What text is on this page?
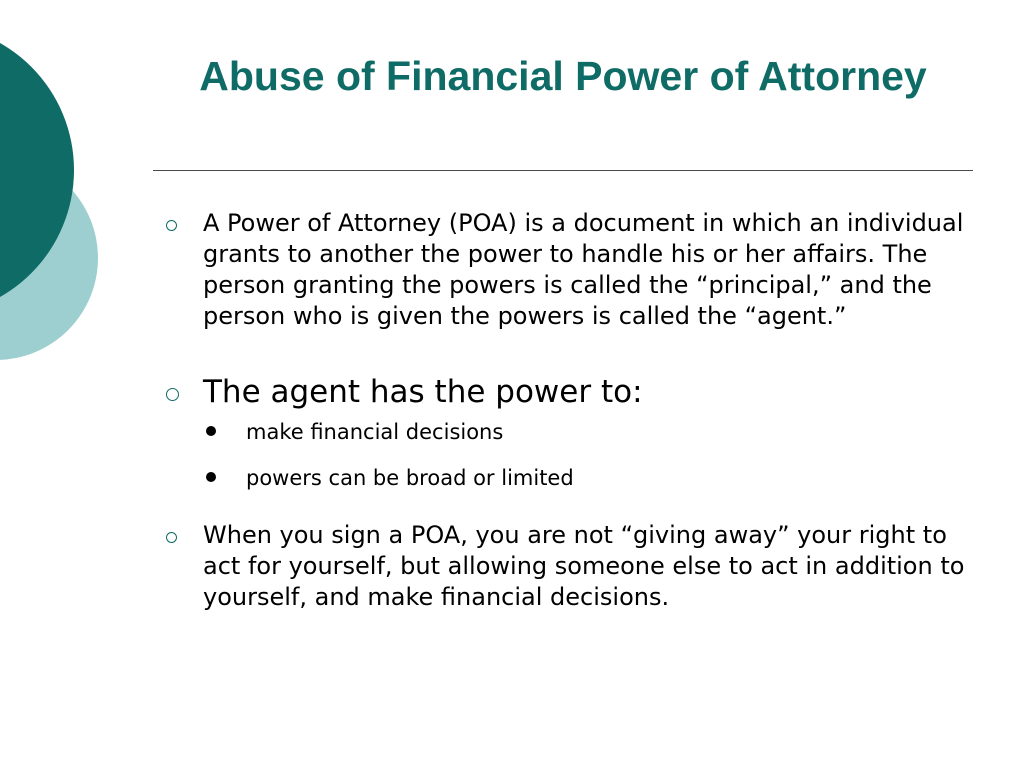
Abuse of Financial Power of Attorney
A Power of Attorney (POA) is a document in which an individual grants to another the power to handle his or her affairs. The person granting the powers is called the “principal,” and the person who is given the powers is called the “agent.”
The agent has the power to:
make financial decisions
powers can be broad or limited
When you sign a POA, you are not “giving away” your right to act for yourself, but allowing someone else to act in addition to yourself, and make financial decisions.
